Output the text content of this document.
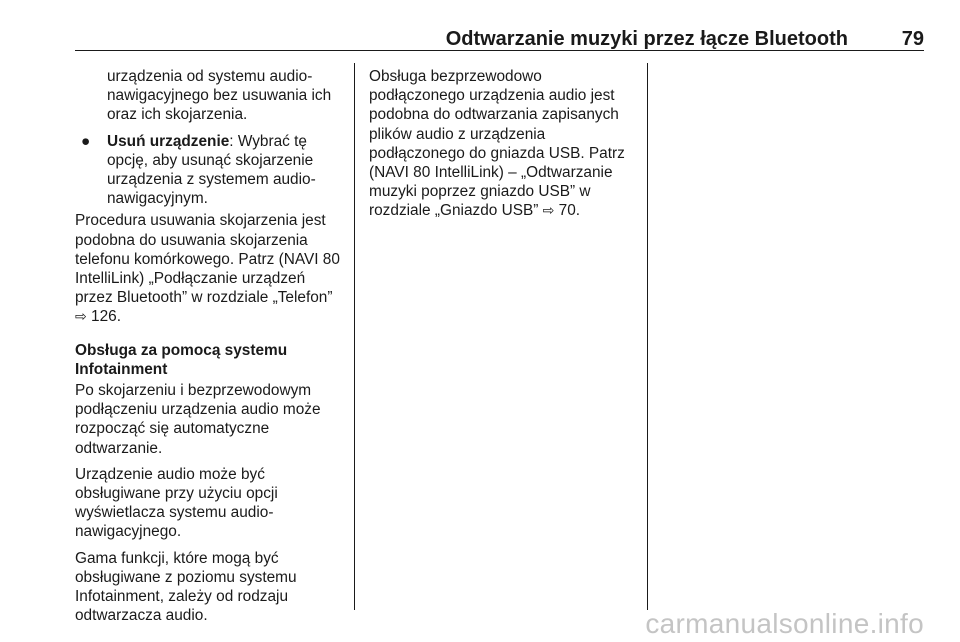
Odtwarzanie muzyki przez łącze Bluetooth	79

urządzenia od systemu audio-nawigacyjnego bez usuwania ich oraz ich skojarzenia.

● Usuń urządzenie: Wybrać tę opcję, aby usunąć skojarzenie urządzenia z systemem audio-nawigacyjnym.

Procedura usuwania skojarzenia jest podobna do usuwania skojarzenia telefonu komórkowego. Patrz (NAVI 80 IntelliLink) „Podłączanie urządzeń przez Bluetooth” w rozdziale „Telefon” ⇨ 126.

Obsługa za pomocą systemu Infotainment

Po skojarzeniu i bezprzewodowym podłączeniu urządzenia audio może rozpocząć się automatyczne odtwarzanie.

Urządzenie audio może być obsługiwane przy użyciu opcji wyświetlacza systemu audio-nawigacyjnego.

Gama funkcji, które mogą być obsługiwane z poziomu systemu Infotainment, zależy od rodzaju odtwarzacza audio.

Obsługa bezprzewodowo podłączonego urządzenia audio jest podobna do odtwarzania zapisanych plików audio z urządzenia podłączonego do gniazda USB. Patrz (NAVI 80 IntelliLink) – „Odtwarzanie muzyki poprzez gniazdo USB” w rozdziale „Gniazdo USB” ⇨ 70.

carmanualsonline.info
